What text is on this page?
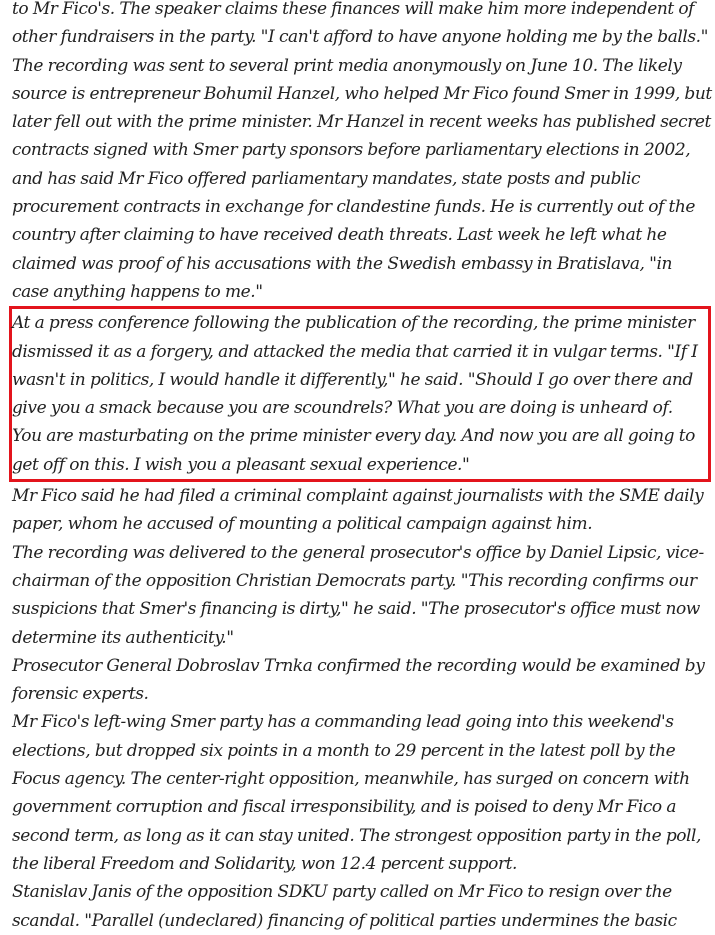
to Mr Fico's. The speaker claims these finances will make him more independent of other fundraisers in the party. "I can't afford to have anyone holding me by the balls." The recording was sent to several print media anonymously on June 10. The likely source is entrepreneur Bohumil Hanzel, who helped Mr Fico found Smer in 1999, but later fell out with the prime minister. Mr Hanzel in recent weeks has published secret contracts signed with Smer party sponsors before parliamentary elections in 2002, and has said Mr Fico offered parliamentary mandates, state posts and public procurement contracts in exchange for clandestine funds. He is currently out of the country after claiming to have received death threats. Last week he left what he claimed was proof of his accusations with the Swedish embassy in Bratislava, "in case anything happens to me."

At a press conference following the publication of the recording, the prime minister dismissed it as a forgery, and attacked the media that carried it in vulgar terms. "If I wasn't in politics, I would handle it differently," he said. "Should I go over there and give you a smack because you are scoundrels? What you are doing is unheard of. You are masturbating on the prime minister every day. And now you are all going to get off on this. I wish you a pleasant sexual experience."

Mr Fico said he had filed a criminal complaint against journalists with the SME daily paper, whom he accused of mounting a political campaign against him.

The recording was delivered to the general prosecutor's office by Daniel Lipsic, vice-chairman of the opposition Christian Democrats party. "This recording confirms our suspicions that Smer's financing is dirty," he said. "The prosecutor's office must now determine its authenticity."

Prosecutor General Dobroslav Trnka confirmed the recording would be examined by forensic experts.

Mr Fico's left-wing Smer party has a commanding lead going into this weekend's elections, but dropped six points in a month to 29 percent in the latest poll by the Focus agency. The center-right opposition, meanwhile, has surged on concern with government corruption and fiscal irresponsibility, and is poised to deny Mr Fico a second term, as long as it can stay united. The strongest opposition party in the poll, the liberal Freedom and Solidarity, won 12.4 percent support.

Stanislav Janis of the opposition SDKU party called on Mr Fico to resign over the scandal. "Parallel (undeclared) financing of political parties undermines the basic
